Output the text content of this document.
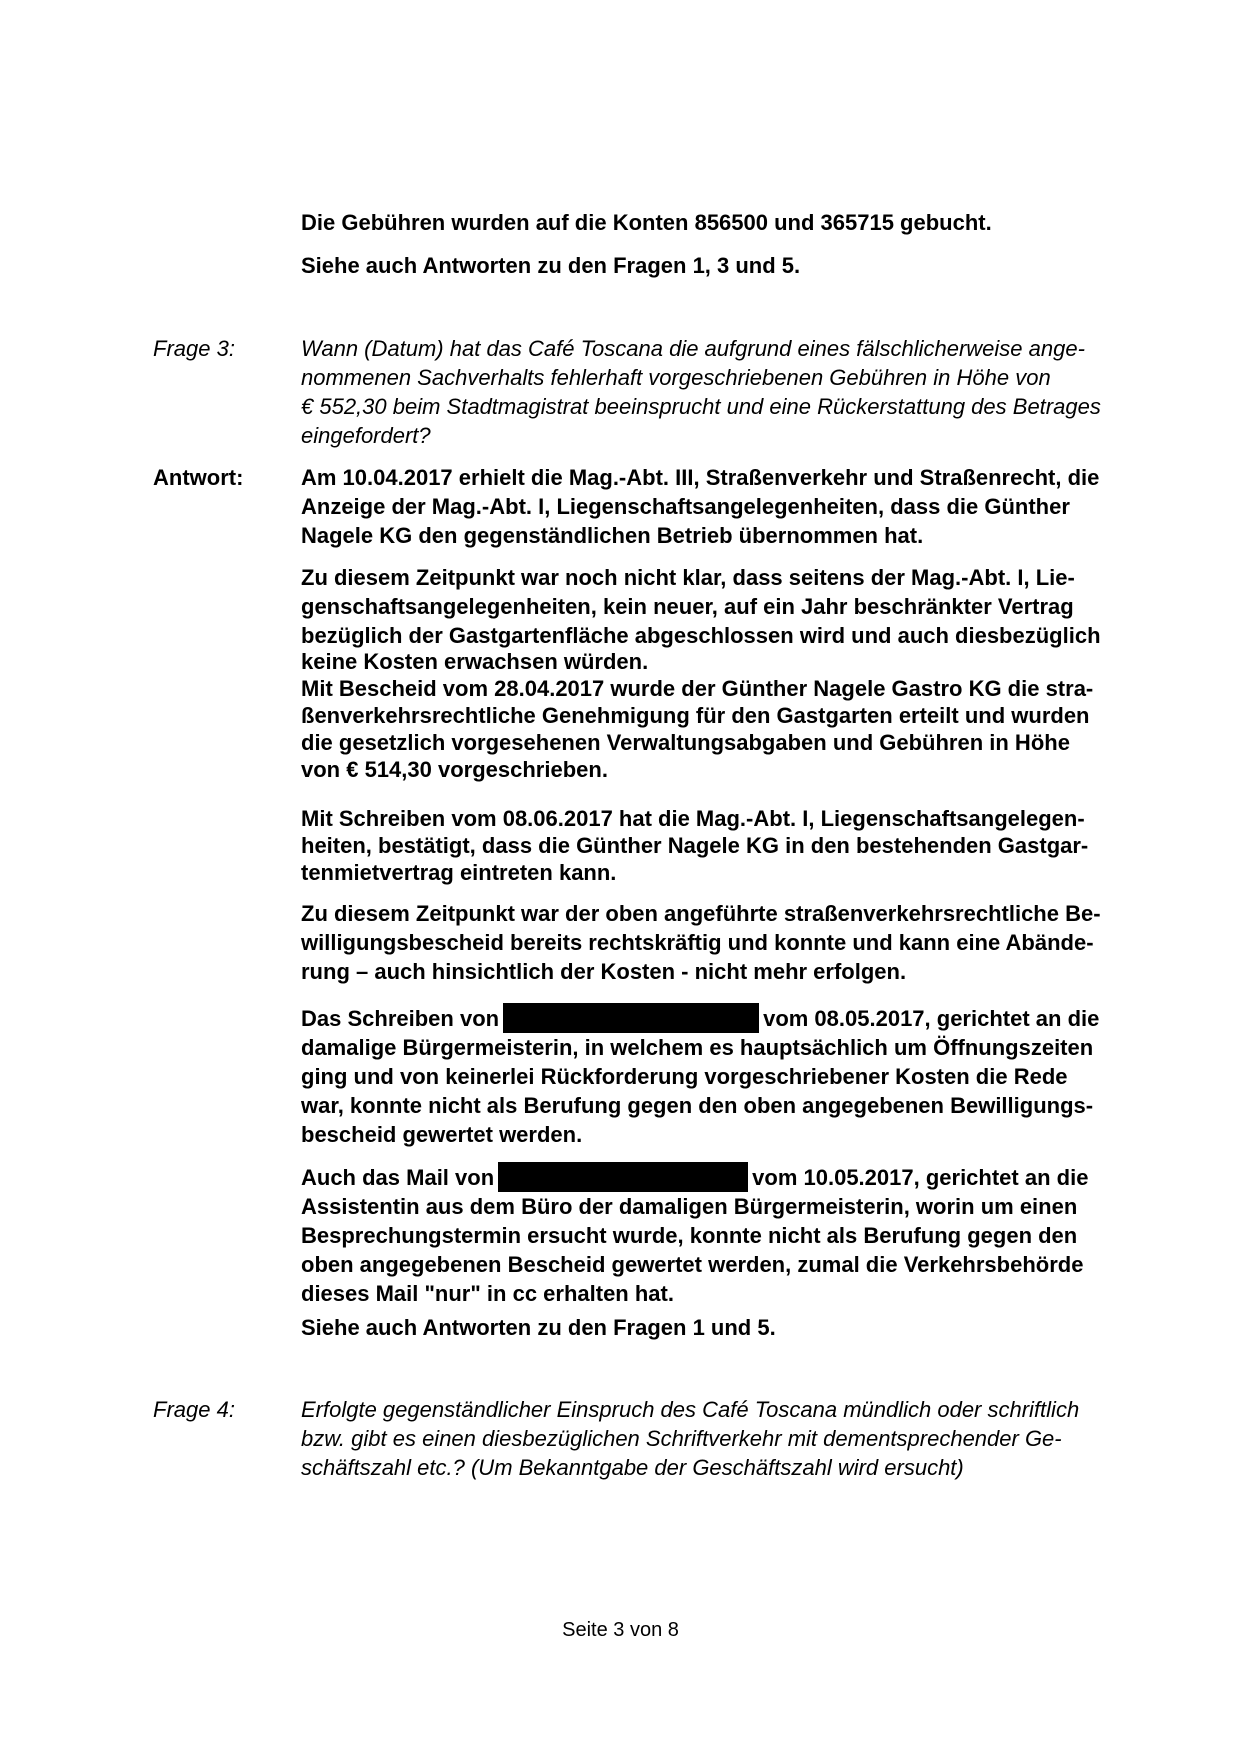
Die Gebühren wurden auf die Konten 856500 und 365715 gebucht.
Siehe auch Antworten zu den Fragen 1, 3 und 5.
Frage 3:	Wann (Datum) hat das Café Toscana die aufgrund eines fälschlicherweise ange-
nommenen Sachverhalts fehlerhaft vorgeschriebenen Gebühren in Höhe von
€ 552,30 beim Stadtmagistrat beeinsprucht und eine Rückerstattung des Betrages
eingefordert?
Antwort:	Am 10.04.2017 erhielt die Mag.-Abt. III, Straßenverkehr und Straßenrecht, die
Anzeige der Mag.-Abt. I, Liegenschaftsangelegenheiten, dass die Günther
Nagele KG den gegenständlichen Betrieb übernommen hat.
Zu diesem Zeitpunkt war noch nicht klar, dass seitens der Mag.-Abt. I, Lie-
genschaftsangelegenheiten, kein neuer, auf ein Jahr beschränkter Vertrag
bezüglich der Gastgartenfläche abgeschlossen wird und auch diesbezüglich
keine Kosten erwachsen würden.
Mit Bescheid vom 28.04.2017 wurde der Günther Nagele Gastro KG die stra-
ßenverkehrsrechtliche Genehmigung für den Gastgarten erteilt und wurden
die gesetzlich vorgesehenen Verwaltungsabgaben und Gebühren in Höhe
von € 514,30 vorgeschrieben.
Mit Schreiben vom 08.06.2017 hat die Mag.-Abt. I, Liegenschaftsangelegen-
heiten, bestätigt, dass die Günther Nagele KG in den bestehenden Gastgar-
tenmietvertrag eintreten kann.
Zu diesem Zeitpunkt war der oben angeführte straßenverkehrsrechtliche Be-
willigungsbescheid bereits rechtskräftig und konnte und kann eine Abände-
rung – auch hinsichtlich der Kosten - nicht mehr erfolgen.
Das Schreiben von	vom 08.05.2017, gerichtet an die
damalige Bürgermeisterin, in welchem es hauptsächlich um Öffnungszeiten
ging und von keinerlei Rückforderung vorgeschriebener Kosten die Rede
war, konnte nicht als Berufung gegen den oben angegebenen Bewilligungs-
bescheid gewertet werden.
Auch das Mail von	vom 10.05.2017, gerichtet an die
Assistentin aus dem Büro der damaligen Bürgermeisterin, worin um einen
Besprechungstermin ersucht wurde, konnte nicht als Berufung gegen den
oben angegebenen Bescheid gewertet werden, zumal die Verkehrsbehörde
dieses Mail "nur" in cc erhalten hat.
Siehe auch Antworten zu den Fragen 1 und 5.
Frage 4:	Erfolgte gegenständlicher Einspruch des Café Toscana mündlich oder schriftlich
bzw. gibt es einen diesbezüglichen Schriftverkehr mit dementsprechender Ge-
schäftszahl etc.? (Um Bekanntgabe der Geschäftszahl wird ersucht)
Seite 3 von 8
